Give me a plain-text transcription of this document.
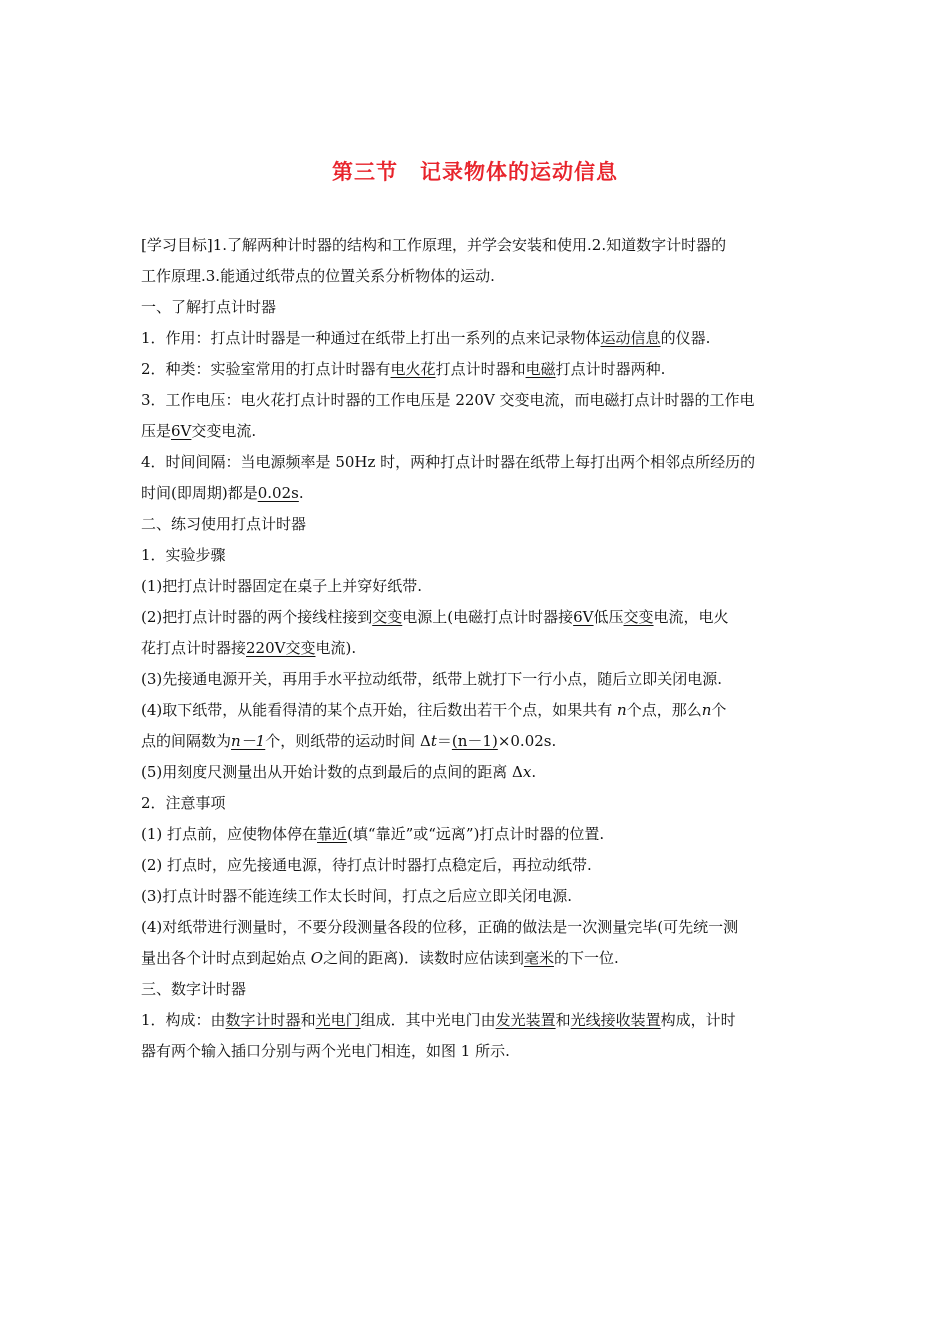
第三节　记录物体的运动信息
[学习目标]1.了解两种计时器的结构和工作原理，并学会安装和使用.2.知道数字计时器的
工作原理.3.能通过纸带点的位置关系分析物体的运动.
一、了解打点计时器
1．作用：打点计时器是一种通过在纸带上打出一系列的点来记录物体运动信息的仪器.
2．种类：实验室常用的打点计时器有电火花打点计时器和电磁打点计时器两种.
3．工作电压：电火花打点计时器的工作电压是 220V 交变电流，而电磁打点计时器的工作电
压是6V交变电流.
4．时间间隔：当电源频率是 50Hz 时，两种打点计时器在纸带上每打出两个相邻点所经历的
时间(即周期)都是0.02s.
二、练习使用打点计时器
1．实验步骤
(1)把打点计时器固定在桌子上并穿好纸带.
(2)把打点计时器的两个接线柱接到交变电源上(电磁打点计时器接6V低压交变电流，电火
花打点计时器接220V交变电流).
(3)先接通电源开关，再用手水平拉动纸带，纸带上就打下一行小点，随后立即关闭电源.
(4)取下纸带，从能看得清的某个点开始，往后数出若干个点，如果共有 n个点，那么n个
点的间隔数为n－1个，则纸带的运动时间 Δt＝(n－1)×0.02s.
(5)用刻度尺测量出从开始计数的点到最后的点间的距离 Δx.
2．注意事项
(1) 打点前，应使物体停在靠近(填“靠近”或“远离”)打点计时器的位置.
(2) 打点时，应先接通电源，待打点计时器打点稳定后，再拉动纸带.
(3)打点计时器不能连续工作太长时间，打点之后应立即关闭电源.
(4)对纸带进行测量时，不要分段测量各段的位移，正确的做法是一次测量完毕(可先统一测
量出各个计时点到起始点 O之间的距离)．读数时应估读到毫米的下一位.
三、数字计时器
1．构成：由数字计时器和光电门组成．其中光电门由发光装置和光线接收装置构成，计时
器有两个输入插口分别与两个光电门相连，如图 1 所示.
